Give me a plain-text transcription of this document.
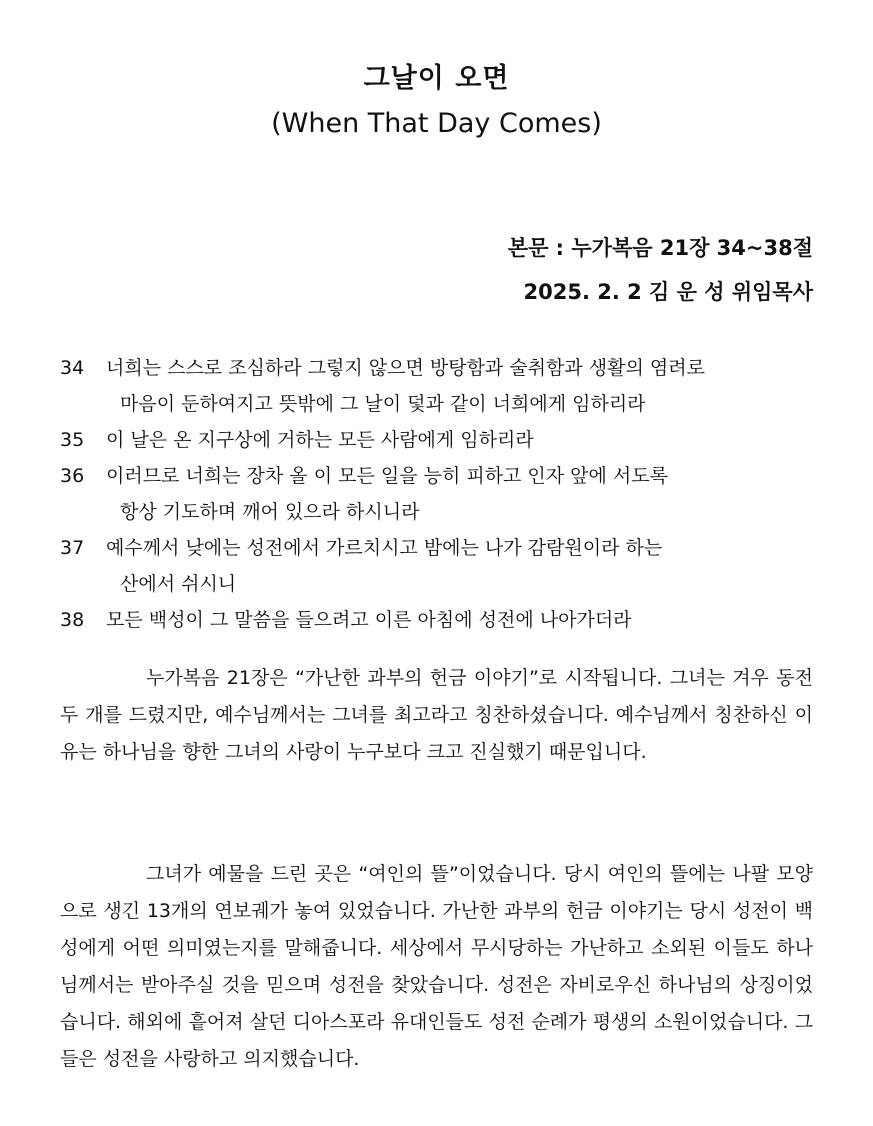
그날이 오면
(When That Day Comes)
본문 : 누가복음 21장 34~38절
2025. 2. 2 김 운 성 위임목사
34 너희는 스스로 조심하라 그렇지 않으면 방탕함과 술취함과 생활의 염려로
마음이 둔하여지고 뜻밖에 그 날이 덫과 같이 너희에게 임하리라
35 이 날은 온 지구상에 거하는 모든 사람에게 임하리라
36 이러므로 너희는 장차 올 이 모든 일을 능히 피하고 인자 앞에 서도록
항상 기도하며 깨어 있으라 하시니라
37 예수께서 낮에는 성전에서 가르치시고 밤에는 나가 감람원이라 하는
산에서 쉬시니
38 모든 백성이 그 말씀을 들으려고 이른 아침에 성전에 나아가더라

누가복음 21장은 “가난한 과부의 헌금 이야기”로 시작됩니다. 그녀는 겨우 동전 두 개를 드렸지만, 예수님께서는 그녀를 최고라고 칭찬하셨습니다. 예수님께서 칭찬하신 이유는 하나님을 향한 그녀의 사랑이 누구보다 크고 진실했기 때문입니다.

그녀가 예물을 드린 곳은 “여인의 뜰”이었습니다. 당시 여인의 뜰에는 나팔 모양으로 생긴 13개의 연보궤가 놓여 있었습니다. 가난한 과부의 헌금 이야기는 당시 성전이 백성에게 어떤 의미였는지를 말해줍니다. 세상에서 무시당하는 가난하고 소외된 이들도 하나님께서는 받아주실 것을 믿으며 성전을 찾았습니다. 성전은 자비로우신 하나님의 상징이었습니다. 해외에 흩어져 살던 디아스포라 유대인들도 성전 순례가 평생의 소원이었습니다. 그들은 성전을 사랑하고 의지했습니다.
